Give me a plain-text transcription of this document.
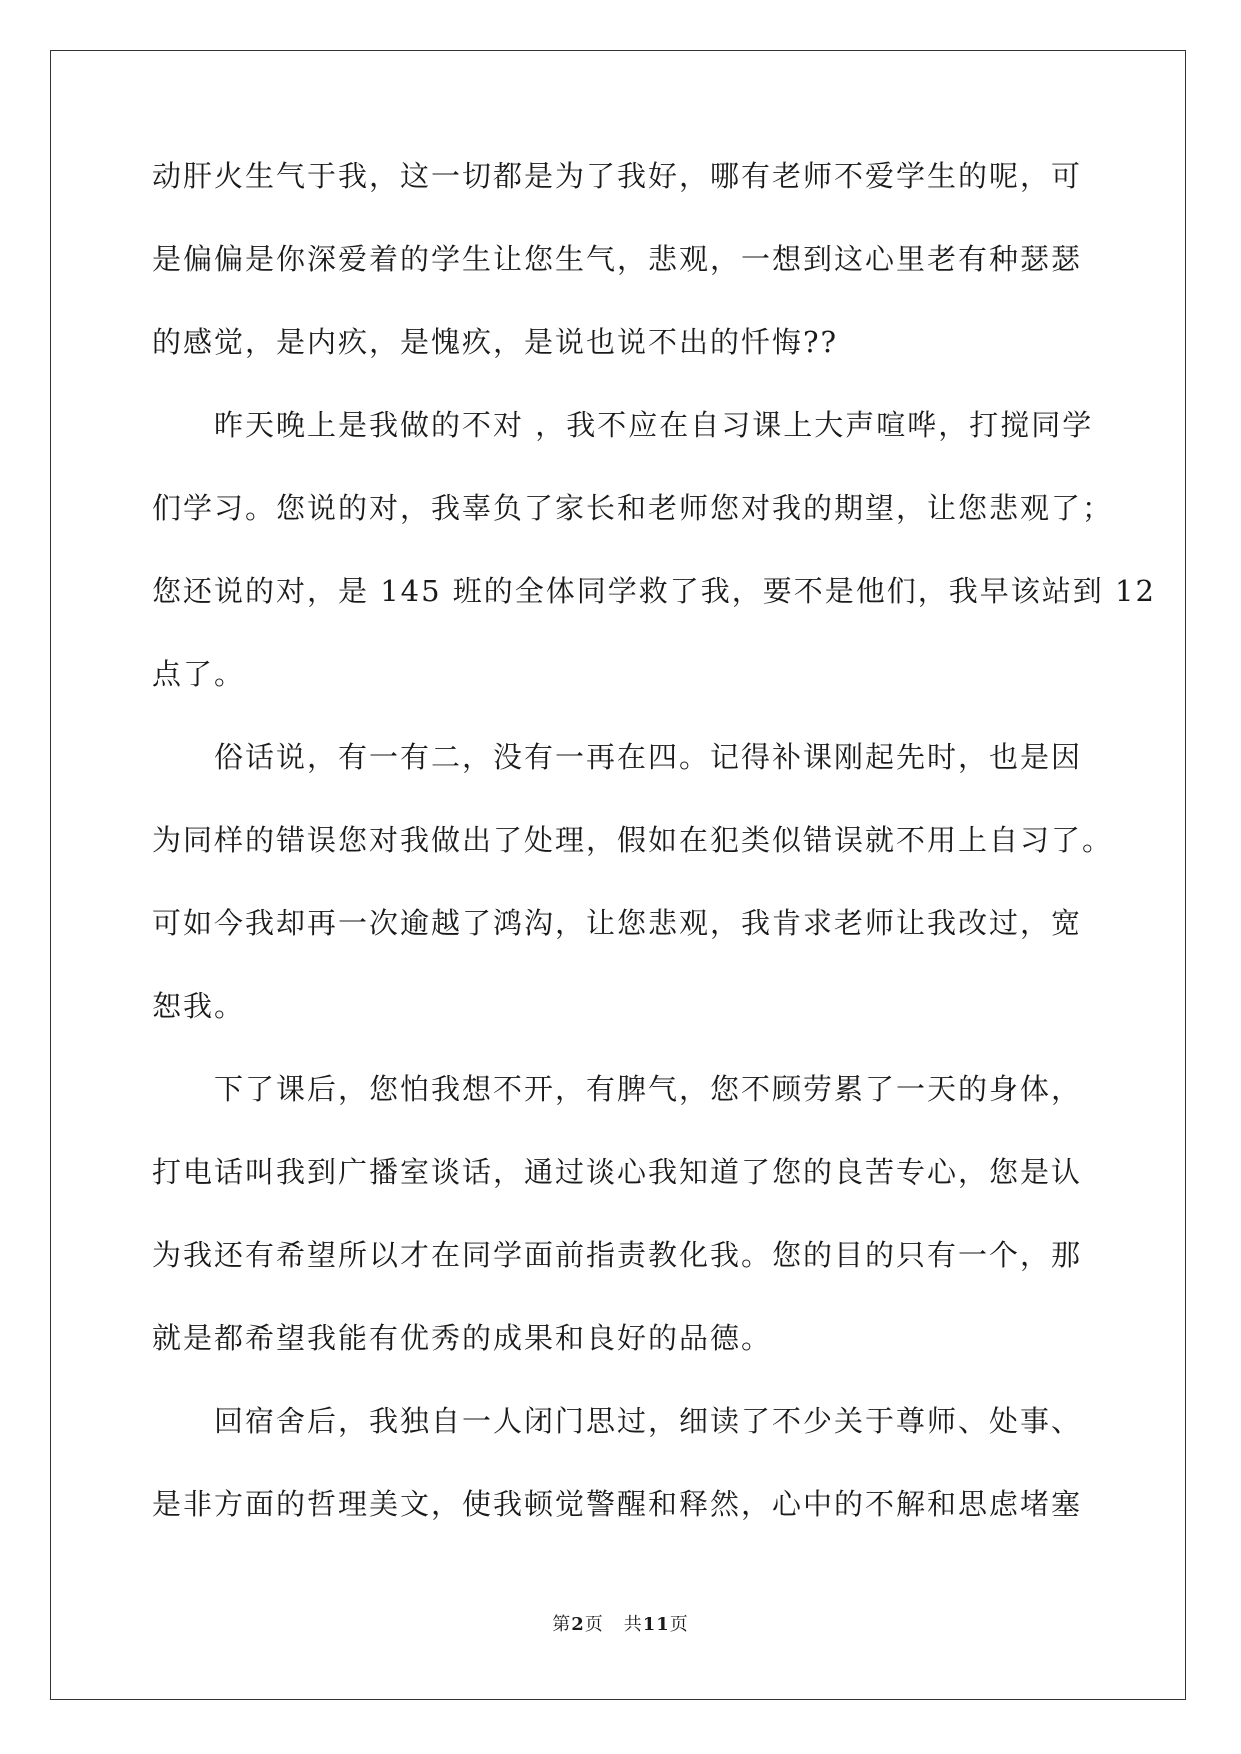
动肝火生气于我，这一切都是为了我好，哪有老师不爱学生的呢，可

是偏偏是你深爱着的学生让您生气，悲观，一想到这心里老有种瑟瑟

的感觉，是内疚，是愧疚，是说也说不出的忏悔??

昨天晚上是我做的不对 ，我不应在自习课上大声喧哗，打搅同学

们学习。您说的对，我辜负了家长和老师您对我的期望，让您悲观了；

您还说的对，是 145 班的全体同学救了我，要不是他们，我早该站到 12

点了。

俗话说，有一有二，没有一再在四。记得补课刚起先时，也是因

为同样的错误您对我做出了处理，假如在犯类似错误就不用上自习了。

可如今我却再一次逾越了鸿沟，让您悲观，我肯求老师让我改过，宽

恕我。

下了课后，您怕我想不开，有脾气，您不顾劳累了一天的身体，

打电话叫我到广播室谈话，通过谈心我知道了您的良苦专心，您是认

为我还有希望所以才在同学面前指责教化我。您的目的只有一个，那

就是都希望我能有优秀的成果和良好的品德。

回宿舍后，我独自一人闭门思过，细读了不少关于尊师、处事、

是非方面的哲理美文，使我顿觉警醒和释然，心中的不解和思虑堵塞

第2页 共11页
